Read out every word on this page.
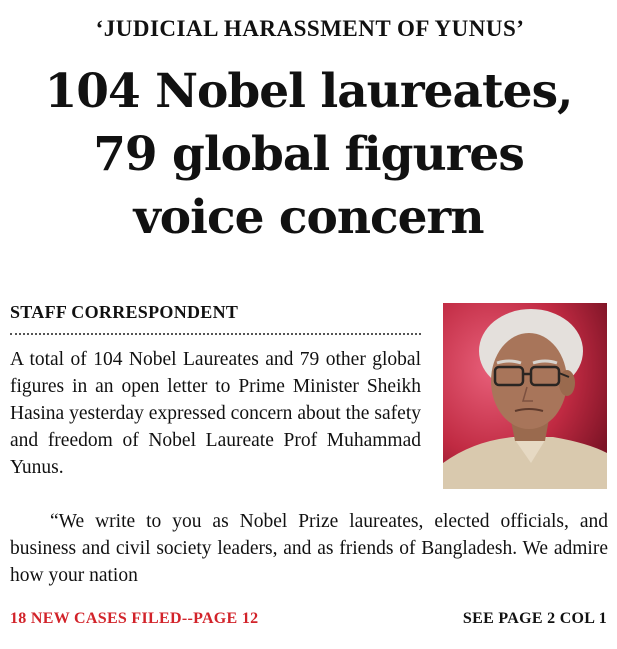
‘JUDICIAL HARASSMENT OF YUNUS’
104 Nobel laureates,
79 global figures
voice concern
STAFF CORRESPONDENT
A total of 104 Nobel Laureates and 79 other global figures in an open letter to Prime Minister Sheikh Hasina yesterday expressed concern about the safety and freedom of Nobel Laureate Prof Muhammad Yunus.
“We write to you as Nobel Prize laureates, elected officials, and business and civil society leaders, and as friends of Bangladesh. We admire how your nation
18 NEW CASES FILED--PAGE 12	SEE PAGE 2 COL 1
